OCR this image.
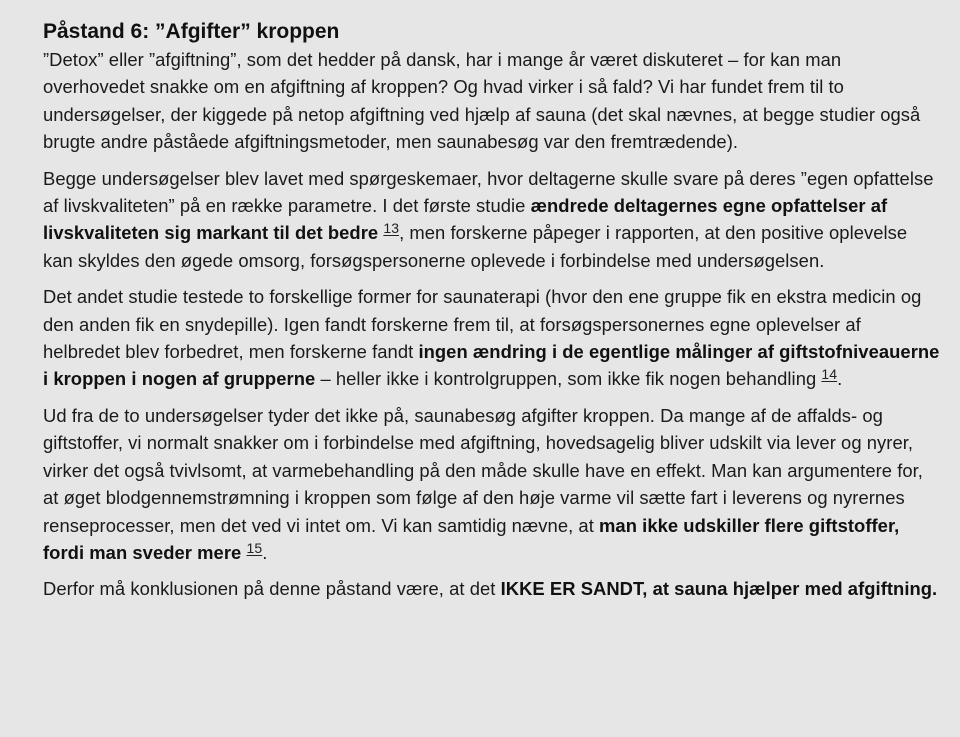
Påstand 6: ”Afgifter” kroppen

”Detox” eller ”afgiftning”, som det hedder på dansk, har i mange år været diskuteret – for kan man overhovedet snakke om en afgiftning af kroppen? Og hvad virker i så fald? Vi har fundet frem til to undersøgelser, der kiggede på netop afgiftning ved hjælp af sauna (det skal nævnes, at begge studier også brugte andre påståede afgiftningsmetoder, men saunabesøg var den fremtrædende).

Begge undersøgelser blev lavet med spørgeskemaer, hvor deltagerne skulle svare på deres ”egen opfattelse af livskvaliteten” på en række parametre. I det første studie ændrede deltagernes egne opfattelser af livskvaliteten sig markant til det bedre $^{13}$, men forskerne påpeger i rapporten, at den positive oplevelse kan skyldes den øgede omsorg, forsøgspersonerne oplevede i forbindelse med undersøgelsen.

Det andet studie testede to forskellige former for saunaterapi (hvor den ene gruppe fik en ekstra medicin og den anden fik en snydepille). Igen fandt forskerne frem til, at forsøgspersonernes egne oplevelser af helbredet blev forbedret, men forskerne fandt ingen ændring i de egentlige målinger af giftstofniveauerne i kroppen i nogen af grupperne – heller ikke i kontrolgruppen, som ikke fik nogen behandling $^{14}$.

Ud fra de to undersøgelser tyder det ikke på, saunabesøg afgifter kroppen. Da mange af de affalds- og giftstoffer, vi normalt snakker om i forbindelse med afgiftning, hovedsagelig bliver udskilt via lever og nyrer, virker det også tvivlsomt, at varmebehandling på den måde skulle have en effekt. Man kan argumentere for, at øget blodgennemstrømning i kroppen som følge af den høje varme vil sætte fart i leverens og nyrernes renseprocesser, men det ved vi intet om. Vi kan samtidig nævne, at man ikke udskiller flere giftstoffer, fordi man sveder mere $^{15}$.

Derfor må konklusionen på denne påstand være, at det IKKE ER SANDT, at sauna hjælper med afgiftning.
